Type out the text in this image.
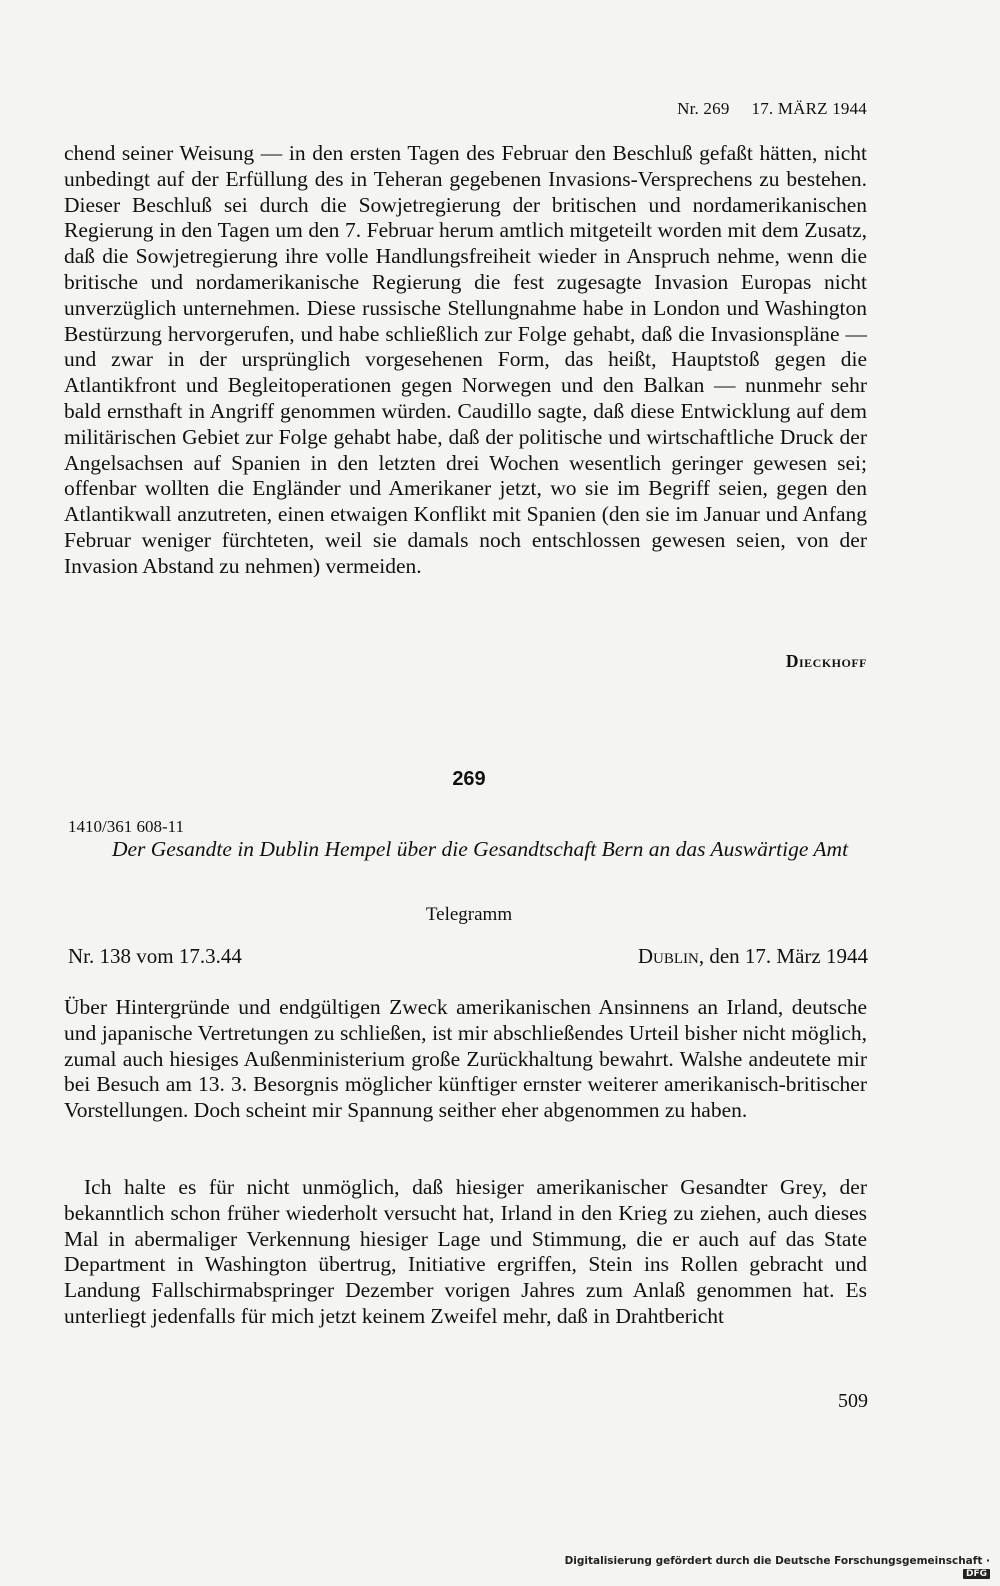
Nr. 269 17. MÄRZ 1944

chend seiner Weisung — in den ersten Tagen des Februar den Beschluß gefaßt hätten, nicht unbedingt auf der Erfüllung des in Teheran gegebenen Invasions-Versprechens zu bestehen. Dieser Beschluß sei durch die Sowjetregierung der britischen und nordamerikanischen Regierung in den Tagen um den 7. Februar herum amtlich mitgeteilt worden mit dem Zusatz, daß die Sowjetregierung ihre volle Handlungsfreiheit wieder in Anspruch nehme, wenn die britische und nordamerikanische Regierung die fest zugesagte Invasion Europas nicht unverzüglich unternehmen. Diese russische Stellungnahme habe in London und Washington Bestürzung hervorgerufen, und habe schließlich zur Folge gehabt, daß die Invasionspläne — und zwar in der ursprünglich vorgesehenen Form, das heißt, Hauptstoß gegen die Atlantikfront und Begleitoperationen gegen Norwegen und den Balkan — nunmehr sehr bald ernsthaft in Angriff genommen würden. Caudillo sagte, daß diese Entwicklung auf dem militärischen Gebiet zur Folge gehabt habe, daß der politische und wirtschaftliche Druck der Angelsachsen auf Spanien in den letzten drei Wochen wesentlich geringer gewesen sei; offenbar wollten die Engländer und Amerikaner jetzt, wo sie im Begriff seien, gegen den Atlantikwall anzutreten, einen etwaigen Konflikt mit Spanien (den sie im Januar und Anfang Februar weniger fürchteten, weil sie damals noch entschlossen gewesen seien, von der Invasion Abstand zu nehmen) vermeiden.

Dieckhoff
269
1410/361 608-11
Der Gesandte in Dublin Hempel über die Gesandtschaft Bern an das Auswärtige Amt
Telegramm
Nr. 138 vom 17.3.44	Dublin, den 17. März 1944

Über Hintergründe und endgültigen Zweck amerikanischen Ansinnens an Irland, deutsche und japanische Vertretungen zu schließen, ist mir abschließendes Urteil bisher nicht möglich, zumal auch hiesiges Außenministerium große Zurückhaltung bewahrt. Walshe andeutete mir bei Besuch am 13. 3. Besorgnis möglicher künftiger ernster weiterer amerikanisch-britischer Vorstellungen. Doch scheint mir Spannung seither eher abgenommen zu haben.

Ich halte es für nicht unmöglich, daß hiesiger amerikanischer Gesandter Grey, der bekanntlich schon früher wiederholt versucht hat, Irland in den Krieg zu ziehen, auch dieses Mal in abermaliger Verkennung hiesiger Lage und Stimmung, die er auch auf das State Department in Washington übertrug, Initiative ergriffen, Stein ins Rollen gebracht und Landung Fallschirmabspringer Dezember vorigen Jahres zum Anlaß genommen hat. Es unterliegt jedenfalls für mich jetzt keinem Zweifel mehr, daß in Drahtbericht

509
Digitalisierung gefördert durch die Deutsche Forschungsgemeinschaft ·DFG
